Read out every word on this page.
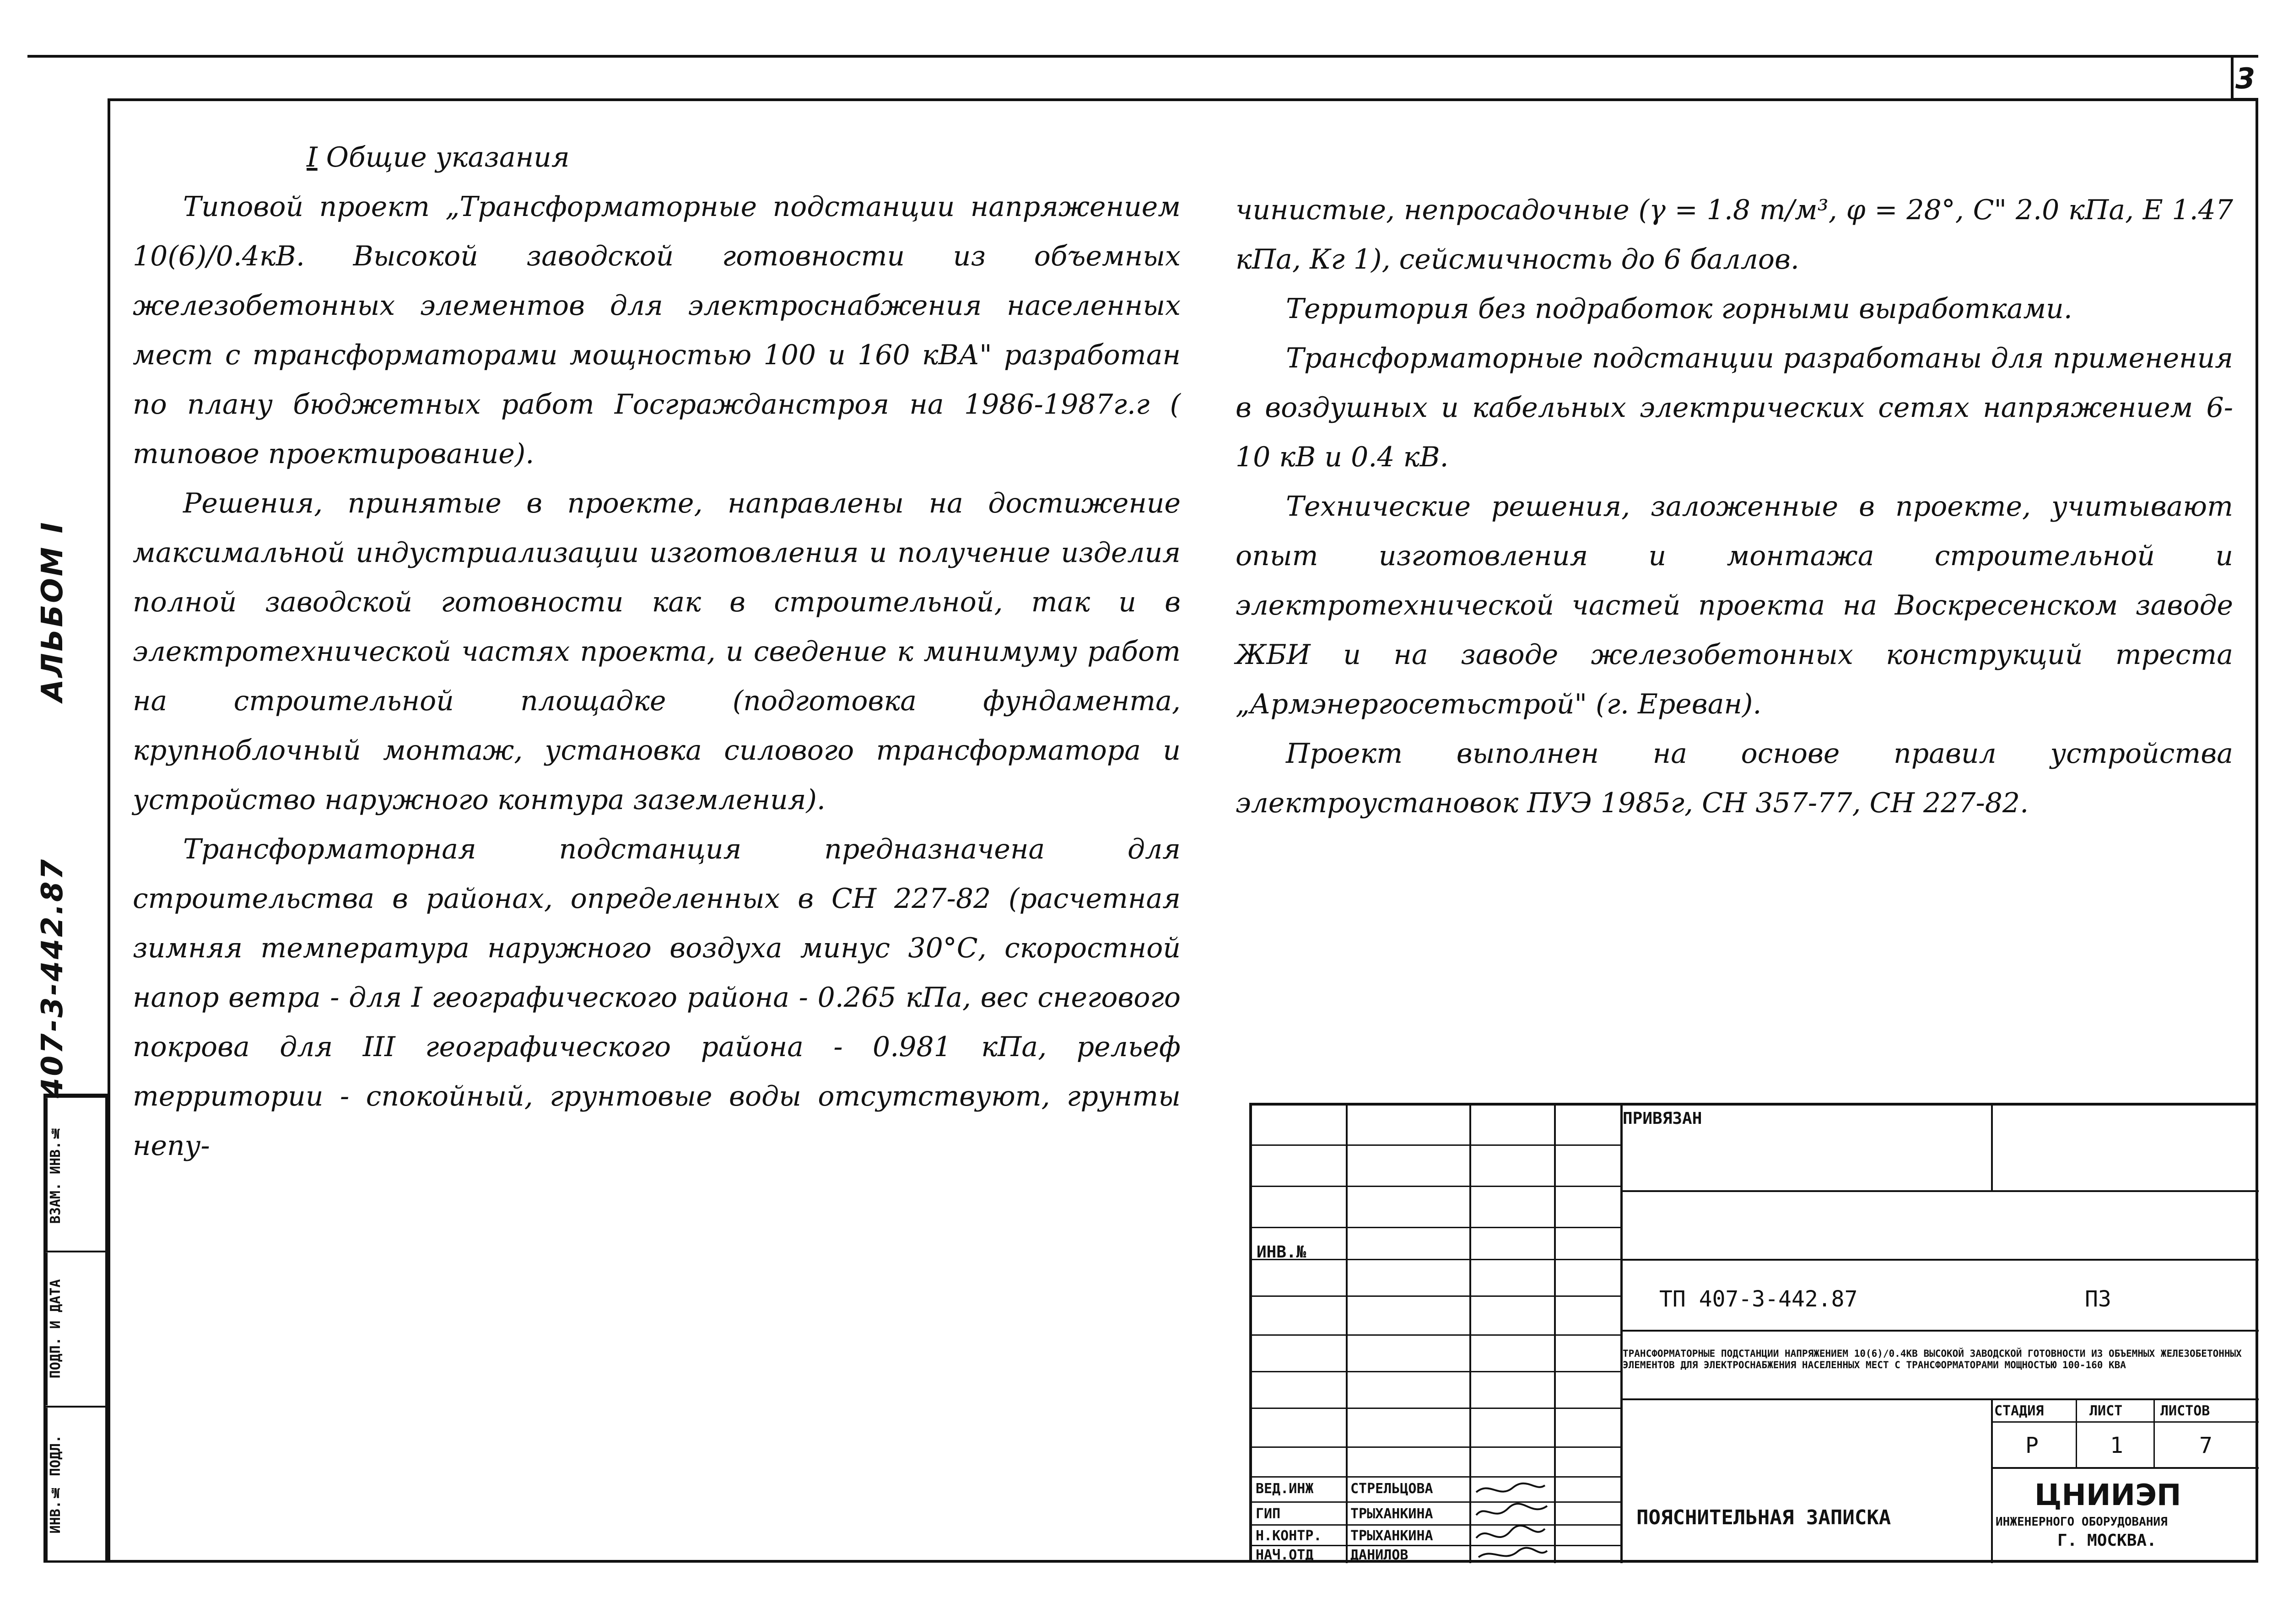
3
407-3-442.87
АЛЬБОМ I
ИНВ.№ ПОДЛ.
ПОДП. И ДАТА
ВЗАМ. ИНВ.№
I Общие указания

Типовой проект „Трансформаторные подстанции напряжением 10(6)/0.4кВ. Высокой заводской готовности из объемных железобетонных элементов для электроснабжения населенных мест с трансформаторами мощностью 100 и 160 кВА" разработан по плану бюджетных работ Госгражданстроя на 1986-1987г.г ( типовое проектирование).

Решения, принятые в проекте, направлены на достижение максимальной индустриализации изготовления и получение изделия полной заводской готовности как в строительной, так и в электротехнической частях проекта, и сведение к минимуму работ на строительной площадке (подготовка фундамента, крупноблочный монтаж, установка силового трансформатора и устройство наружного контура заземления).

Трансформаторная подстанция предназначена для строительства в районах, определенных в СН 227-82 (расчетная зимняя температура наружного воздуха минус 30°С, скоростной напор ветра - для I географического района - 0.265 кПа, вес снегового покрова для III географического района - 0.981 кПа, рельеф территории - спокойный, грунтовые воды отсутствуют, грунты непу-

чинистые, непросадочные (γ = 1.8 т/м³, φ = 28°, С" 2.0 кПа, Е 1.47 кПа, Кг 1), сейсмичность до 6 баллов.

Территория без подработок горными выработками.

Трансформаторные подстанции разработаны для применения в воздушных и кабельных электрических сетях напряжением 6-10 кВ и 0.4 кВ.

Технические решения, заложенные в проекте, учитывают опыт изготовления и монтажа строительной и электротехнической частей проекта на Воскресенском заводе ЖБИ и на заводе железобетонных конструкций треста „Армэнергосетьстрой" (г. Ереван).

Проект выполнен на основе правил устройства электроустановок ПУЭ 1985г, СН 357-77, СН 227-82.

ПРИВЯЗАН
ИНВ.№
ТП 407-3-442.87	ПЗ
ТРАНСФОРМАТОРНЫЕ ПОДСТАНЦИИ НАПРЯЖЕНИЕМ 10(6)/0.4КВ ВЫСОКОЙ ЗАВОДСКОЙ ГОТОВНОСТИ ИЗ ОБЪЕМНЫХ ЖЕЛЕЗОБЕТОННЫХ ЭЛЕМЕНТОВ ДЛЯ ЭЛЕКТРОСНАБЖЕНИЯ НАСЕЛЕННЫХ МЕСТ С ТРАНСФОРМАТОРАМИ МОЩНОСТЬЮ 100-160 КВА
СТАДИЯ	ЛИСТ	ЛИСТОВ
Р	1	7
ПОЯСНИТЕЛЬНАЯ ЗАПИСКА
ЦНИИЭП
ИНЖЕНЕРНОГО ОБОРУДОВАНИЯ
Г. МОСКВА.
ВЕД.ИНЖ	СТРЕЛЬЦОВА
ГИП	ТРЫХАНКИНА
Н.КОНТР. ТРЫХАНКИНА
НАЧ.ОТД	ДАНИЛОВ
